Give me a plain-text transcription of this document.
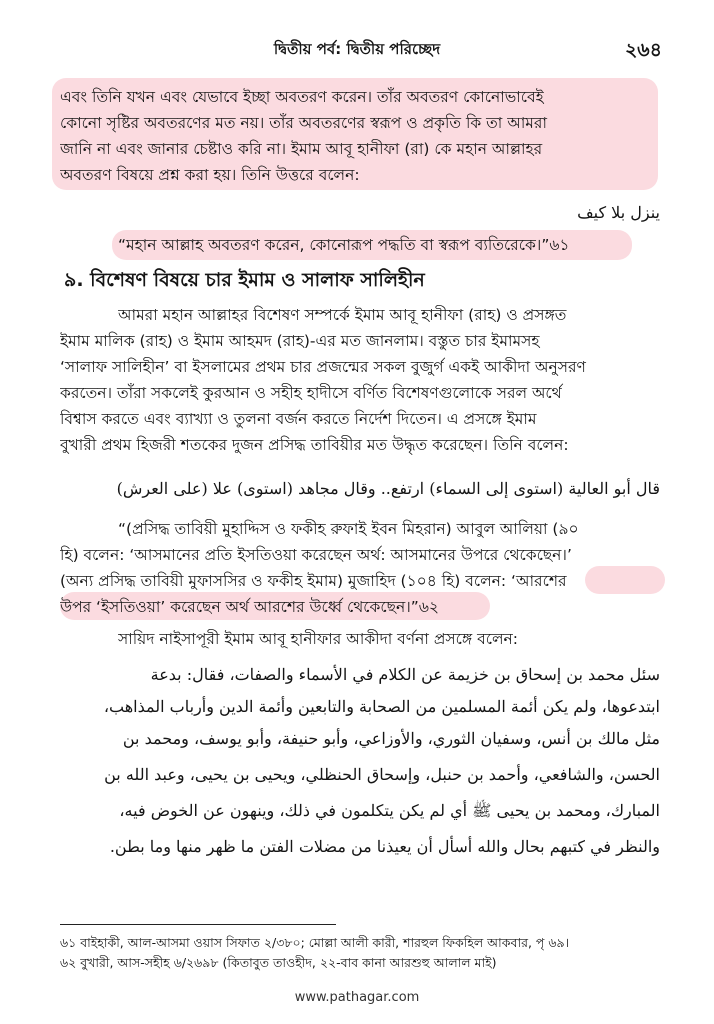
দ্বিতীয় পর্ব: দ্বিতীয় পরিচ্ছেদ	২৬৪
এবং তিনি যখন এবং যেভাবে ইচ্ছা অবতরণ করেন। তাঁর অবতরণ কোনোভাবেই
কোনো সৃষ্টির অবতরণের মত নয়। তাঁর অবতরণের স্বরূপ ও প্রকৃতি কি তা আমরা
জানি না এবং জানার চেষ্টাও করি না। ইমাম আবূ হানীফা (রা) কে মহান আল্লাহর
অবতরণ বিষয়ে প্রশ্ন করা হয়। তিনি উত্তরে বলেন:
ينزل بلا كيف
“মহান আল্লাহ অবতরণ করেন, কোনোরূপ পদ্ধতি বা স্বরূপ ব্যতিরেকে।”৬১
৯. বিশেষণ বিষয়ে চার ইমাম ও সালাফ সালিহীন
আমরা মহান আল্লাহর বিশেষণ সম্পর্কে ইমাম আবূ হানীফা (রাহ) ও প্রসঙ্গত
ইমাম মালিক (রাহ) ও ইমাম আহমদ (রাহ)-এর মত জানলাম। বস্তুত চার ইমামসহ
‘সালাফ সালিহীন’ বা ইসলামের প্রথম চার প্রজন্মের সকল বুজুর্গ একই আকীদা অনুসরণ
করতেন। তাঁরা সকলেই কুরআন ও সহীহ হাদীসে বর্ণিত বিশেষণগুলোকে সরল অর্থে
বিশ্বাস করতে এবং ব্যাখ্যা ও তুলনা বর্জন করতে নির্দেশ দিতেন। এ প্রসঙ্গে ইমাম
বুখারী প্রথম হিজরী শতকের দুজন প্রসিদ্ধ তাবিয়ীর মত উদ্ধৃত করেছেন। তিনি বলেন:
قال أبو العالية (استوى إلى السماء) ارتفع.. وقال مجاهد (استوى) علا (على العرش)
“(প্রসিদ্ধ তাবিয়ী মুহাদ্দিস ও ফকীহ রুফাই ইবন মিহরান) আবুল আলিয়া (৯০
হি) বলেন: ‘আসমানের প্রতি ইসতিওয়া করেছেন অর্থ: আসমানের উপরে থেকেছেন।’
(অন্য প্রসিদ্ধ তাবিয়ী মুফাসসির ও ফকীহ ইমাম) মুজাহিদ (১০৪ হি) বলেন: ‘আরশের
উপর ‘ইসতিওয়া’ করেছেন অর্থ আরশের উর্ধ্বে থেকেছেন।”৬২
সায়িদ নাইসাপূরী ইমাম আবূ হানীফার আকীদা বর্ণনা প্রসঙ্গে বলেন:
سئل محمد بن إسحاق بن خزيمة عن الكلام في الأسماء والصفات، فقال: بدعة
ابتدعوها، ولم يكن أئمة المسلمين من الصحابة والتابعين وأئمة الدين وأرباب المذاهب،
مثل مالك بن أنس، وسفيان الثوري، والأوزاعي، وأبو حنيفة، وأبو يوسف، ومحمد بن
الحسن، والشافعي، وأحمد بن حنبل، وإسحاق الحنظلي، ويحيى بن يحيى، وعبد الله بن
المبارك، ومحمد بن يحيى ﷺ أي لم يكن يتكلمون في ذلك، وينهون عن الخوض فيه،
والنظر في كتبهم بحال والله أسأل أن يعيذنا من مضلات الفتن ما ظهر منها وما بطن.
৬১ বাইহাকী, আল-আসমা ওয়াস সিফাত ২/৩৮০; মোল্লা আলী কারী, শারহুল ফিকহিল আকবার, পৃ ৬৯।
৬২ বুখারী, আস-সহীহ ৬/২৬৯৮ (কিতাবুত তাওহীদ, ২২-বাব কানা আরশুহু আলাল মাই)
www.pathagar.com
